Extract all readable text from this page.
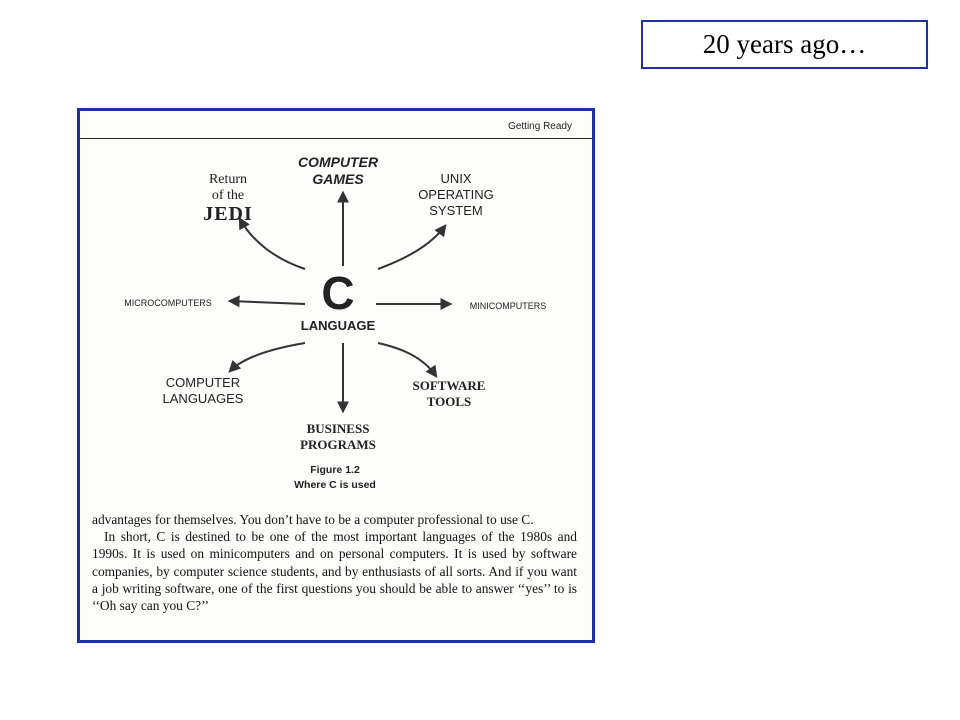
20 years ago…
Getting Ready
C
LANGUAGE
Return
of the
JEDI
COMPUTER
GAMES	UNIX
OPERATING
SYSTEM
MICROCOMPUTERS	MINICOMPUTERS
COMPUTER
LANGUAGES
SOFTWARE
TOOLS
BUSINESS
PROGRAMS
Figure 1.2
Where C is used

advantages for themselves. You don’t have to be a computer professional to use C.

In short, C is destined to be one of the most important languages of the 1980s and 1990s. It is used on minicomputers and on personal computers. It is used by software companies, by computer science students, and by enthusiasts of all sorts. And if you want a job writing software, one of the first questions you should be able to answer ‘‘yes’’ to is ‘‘Oh say can you C?’’
